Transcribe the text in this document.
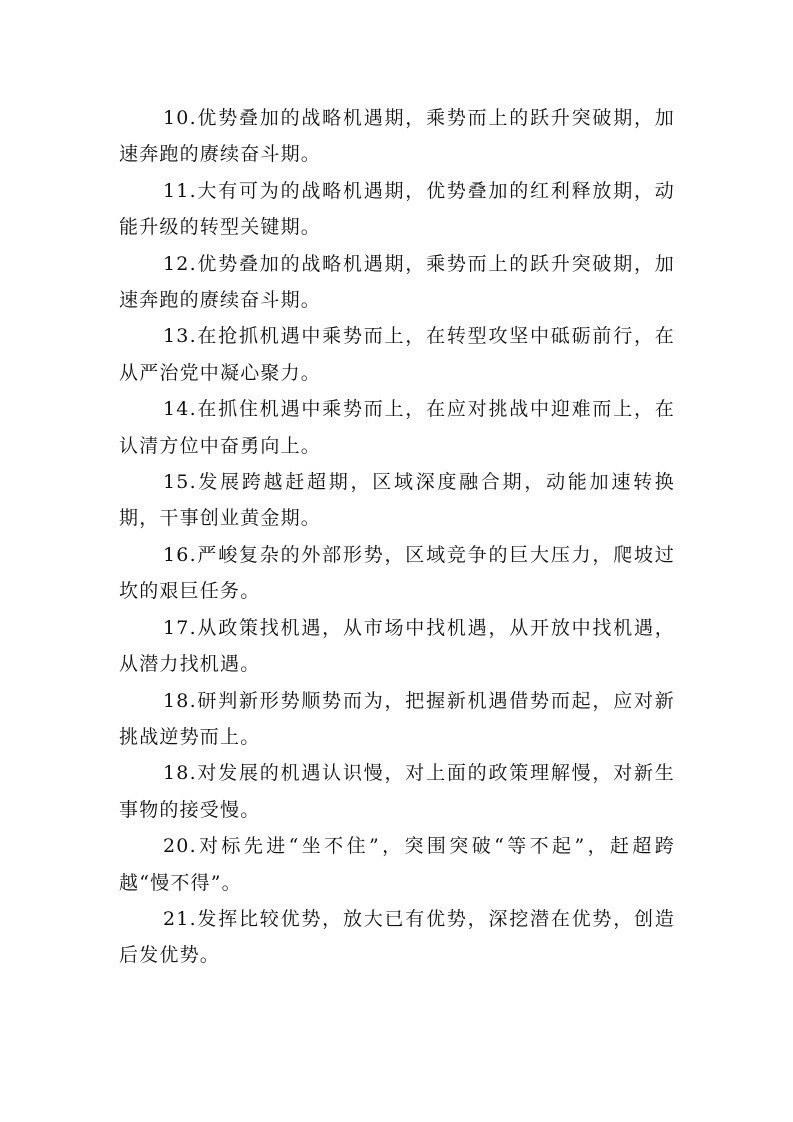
10.优势叠加的战略机遇期，乘势而上的跃升突破期，加速奔跑的赓续奋斗期。

11.大有可为的战略机遇期，优势叠加的红利释放期，动能升级的转型关键期。

12.优势叠加的战略机遇期，乘势而上的跃升突破期，加速奔跑的赓续奋斗期。

13.在抢抓机遇中乘势而上，在转型攻坚中砥砺前行，在从严治党中凝心聚力。

14.在抓住机遇中乘势而上，在应对挑战中迎难而上，在认清方位中奋勇向上。

15.发展跨越赶超期，区域深度融合期，动能加速转换期，干事创业黄金期。

16.严峻复杂的外部形势，区域竞争的巨大压力，爬坡过坎的艰巨任务。

17.从政策找机遇，从市场中找机遇，从开放中找机遇，从潜力找机遇。

18.研判新形势顺势而为，把握新机遇借势而起，应对新挑战逆势而上。

18.对发展的机遇认识慢，对上面的政策理解慢，对新生事物的接受慢。

20.对标先进“坐不住”，突围突破“等不起”，赶超跨越“慢不得”。

21.发挥比较优势，放大已有优势，深挖潜在优势，创造后发优势。
